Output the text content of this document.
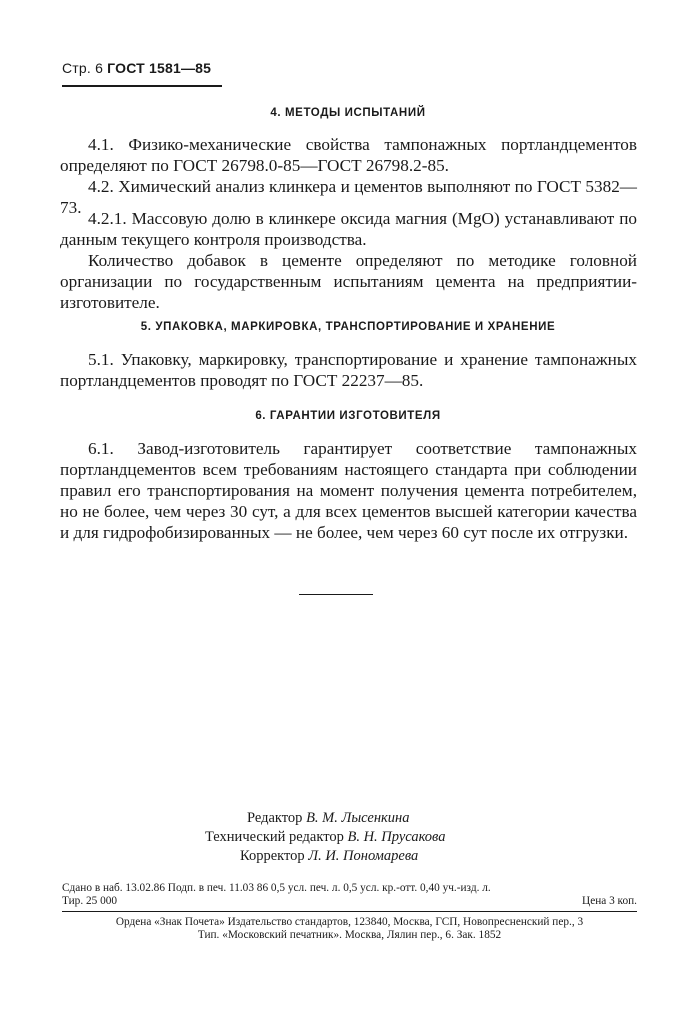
Стр. 6 ГОСТ 1581—85
4. МЕТОДЫ ИСПЫТАНИЙ

4.1. Физико-механические свойства тампонажных портландцементов определяют по ГОСТ 26798.0-85—ГОСТ 26798.2-85.

4.2. Химический анализ клинкера и цементов выполняют по ГОСТ 5382—73.

4.2.1. Массовую долю в клинкере оксида магния (MgO) устанавливают по данным текущего контроля производства.

Количество добавок в цементе определяют по методике головной организации по государственным испытаниям цемента на предприятии-изготовителе.

5. УПАКОВКА, МАРКИРОВКА, ТРАНСПОРТИРОВАНИЕ И ХРАНЕНИЕ

5.1. Упаковку, маркировку, транспортирование и хранение тампонажных портландцементов проводят по ГОСТ 22237—85.

6. ГАРАНТИИ ИЗГОТОВИТЕЛЯ

6.1. Завод-изготовитель гарантирует соответствие тампонажных портландцементов всем требованиям настоящего стандарта при соблюдении правил его транспортирования на момент получения цемента потребителем, но не более, чем через 30 сут, а для всех цементов высшей категории качества и для гидрофобизированных — не более, чем через 60 сут после их отгрузки.

Редактор В. М. Лысенкина
Технический редактор В. Н. Прусакова
Корректор Л. И. Пономарева
Сдано в наб. 13.02.86 Подп. в печ. 11.03 86 0,5 усл. печ. л. 0,5 усл. кр.-отт. 0,40 уч.-изд. л.
Тир. 25 000	Цена 3 коп.
Ордена «Знак Почета» Издательство стандартов, 123840, Москва, ГСП, Новопресненский пер., 3
Тип. «Московский печатник». Москва, Лялин пер., 6. Зак. 1852
